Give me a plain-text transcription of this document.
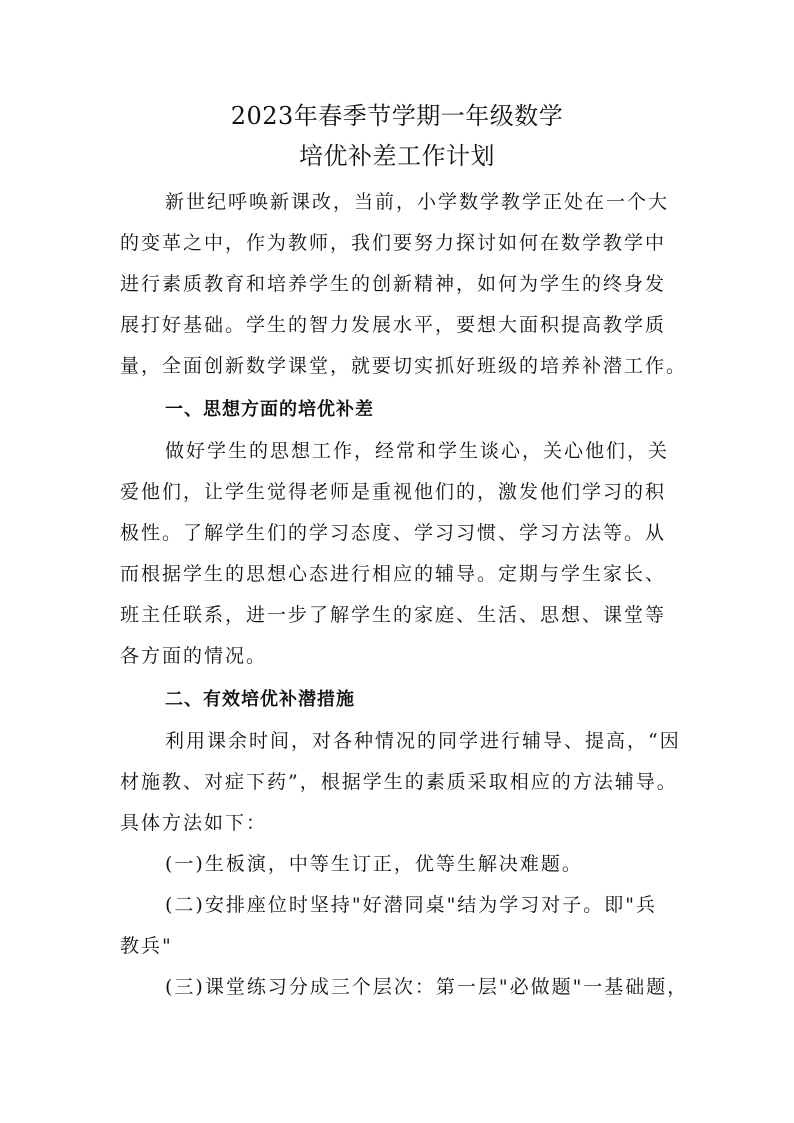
2023年春季节学期一年级数学
培优补差工作计划
新世纪呼唤新课改，当前，小学数学教学正处在一个大
的变革之中，作为教师，我们要努力探讨如何在数学教学中
进行素质教育和培养学生的创新精神，如何为学生的终身发
展打好基础。学生的智力发展水平，要想大面积提高教学质
量，全面创新数学课堂，就要切实抓好班级的培养补潜工作。
一、思想方面的培优补差
做好学生的思想工作，经常和学生谈心，关心他们，关
爱他们，让学生觉得老师是重视他们的，激发他们学习的积
极性。了解学生们的学习态度、学习习惯、学习方法等。从
而根据学生的思想心态进行相应的辅导。定期与学生家长、
班主任联系，进一步了解学生的家庭、生活、思想、课堂等
各方面的情况。
二、有效培优补潜措施
利用课余时间，对各种情况的同学进行辅导、提高，“因
材施教、对症下药”，根据学生的素质采取相应的方法辅导。
具体方法如下：
(一)生板演，中等生订正，优等生解决难题。
(二)安排座位时坚持"好潜同桌"结为学习对子。即"兵
教兵"
(三)课堂练习分成三个层次：第一层"必做题"一基础题，
